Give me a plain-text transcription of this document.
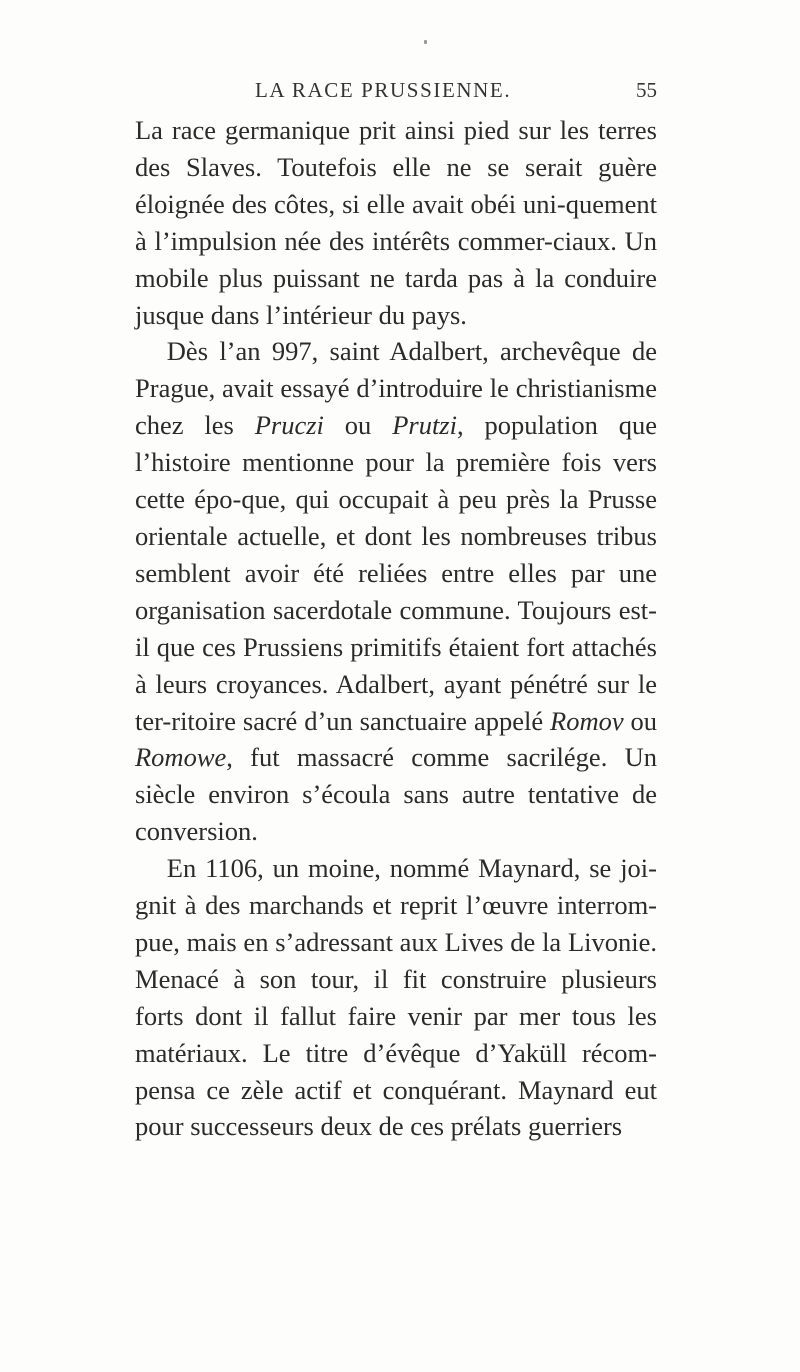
LA RACE PRUSSIENNE.	55

La race germanique prit ainsi pied sur les terres des Slaves. Toutefois elle ne se serait guère éloignée des côtes, si elle avait obéi uni-quement à l’impulsion née des intérêts commer-ciaux. Un mobile plus puissant ne tarda pas à la conduire jusque dans l’intérieur du pays.

Dès l’an 997, saint Adalbert, archevêque de Prague, avait essayé d’introduire le christianisme chez les Pruczi ou Prutzi, population que l’histoire mentionne pour la première fois vers cette épo-que, qui occupait à peu près la Prusse orientale actuelle, et dont les nombreuses tribus semblent avoir été reliées entre elles par une organisation sacerdotale commune. Toujours est-il que ces Prussiens primitifs étaient fort attachés à leurs croyances. Adalbert, ayant pénétré sur le ter-ritoire sacré d’un sanctuaire appelé Romov ou Romowe, fut massacré comme sacrilége. Un siècle environ s’écoula sans autre tentative de conversion.

En 1106, un moine, nommé Maynard, se joi-gnit à des marchands et reprit l’œuvre interrom-pue, mais en s’adressant aux Lives de la Livonie. Menacé à son tour, il fit construire plusieurs forts dont il fallut faire venir par mer tous les matériaux. Le titre d’évêque d’Yaküll récom-pensa ce zèle actif et conquérant. Maynard eut pour successeurs deux de ces prélats guerriers
